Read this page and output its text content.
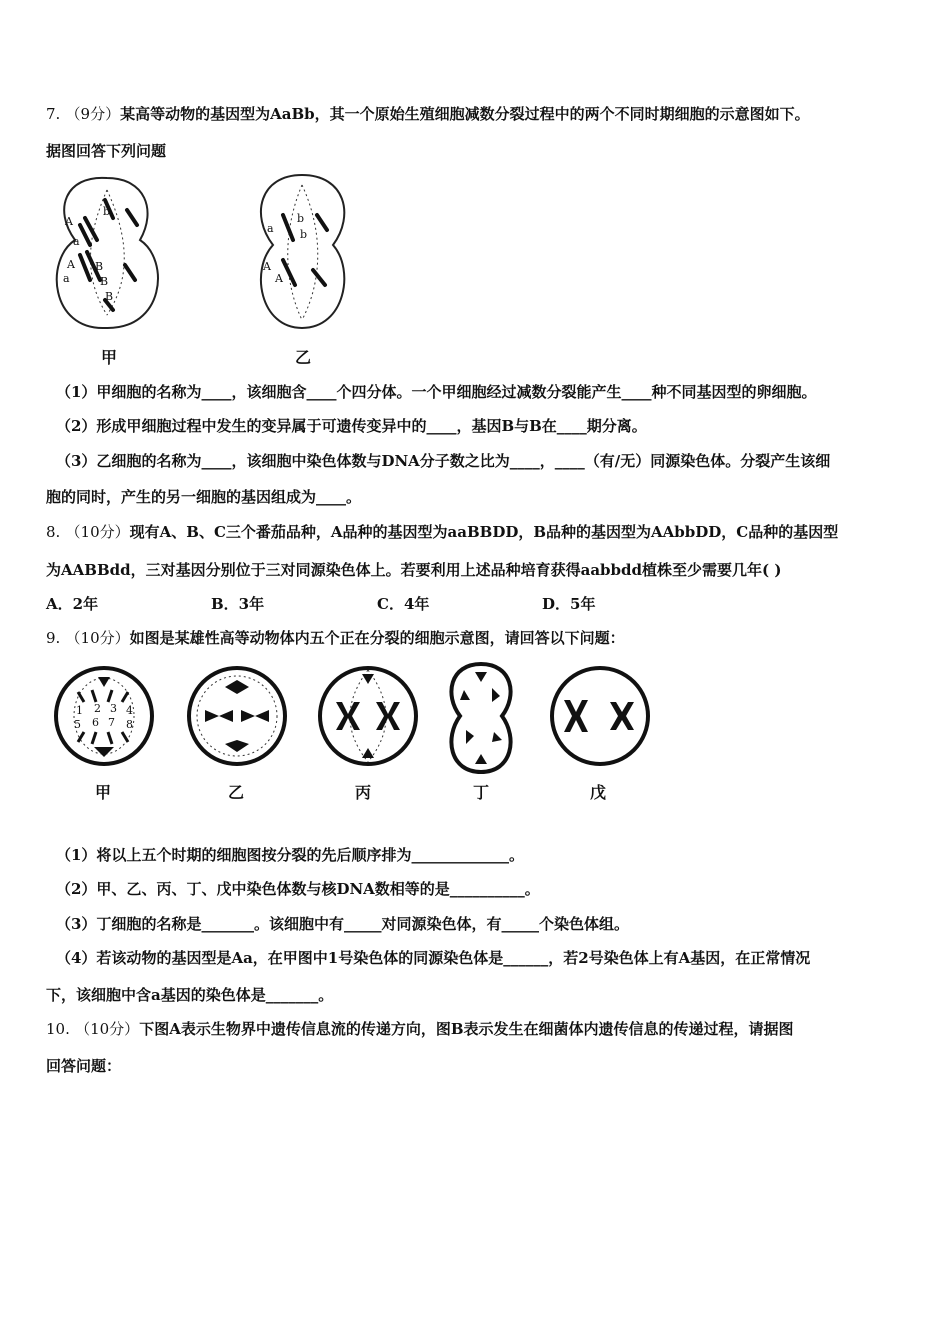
7. （9分）某高等动物的基因型为AaBb，其一个原始生殖细胞减数分裂过程中的两个不同时期细胞的示意图如下。
据图回答下列问题
A
a
A
a
B
B
b
B
甲
a
b
b
A
A
乙
（1）甲细胞的名称为____，该细胞含____个四分体。一个甲细胞经过减数分裂能产生____种不同基因型的卵细胞。
（2）形成甲细胞过程中发生的变异属于可遗传变异中的____，基因B与B在____期分离。
（3）乙细胞的名称为____，该细胞中染色体数与DNA分子数之比为____，____（有/无）同源染色体。分裂产生该细
胞的同时，产生的另一细胞的基因组成为____。
8. （10分）现有A、B、C三个番茄品种，A品种的基因型为aaBBDD，B品种的基因型为AAbbDD，C品种的基因型
为AABBdd，三对基因分别位于三对同源染色体上。若要利用上述品种培育获得aabbdd植株至少需要几年( )
A．2年	B．3年	C．4年	D．5年
9. （10分）如图是某雄性高等动物体内五个正在分裂的细胞示意图，请回答以下问题：
1 2 3 4
5 6 7 8
甲	乙	丙	丁	戊
（1）将以上五个时期的细胞图按分裂的先后顺序排为_____________。
（2）甲、乙、丙、丁、戊中染色体数与核DNA数相等的是__________。
（3）丁细胞的名称是_______。该细胞中有_____对同源染色体，有_____个染色体组。
（4）若该动物的基因型是Aa，在甲图中1号染色体的同源染色体是______，若2号染色体上有A基因，在正常情况
下，该细胞中含a基因的染色体是_______。
10. （10分）下图A表示生物界中遗传信息流的传递方向，图B表示发生在细菌体内遗传信息的传递过程，请据图
回答问题：
